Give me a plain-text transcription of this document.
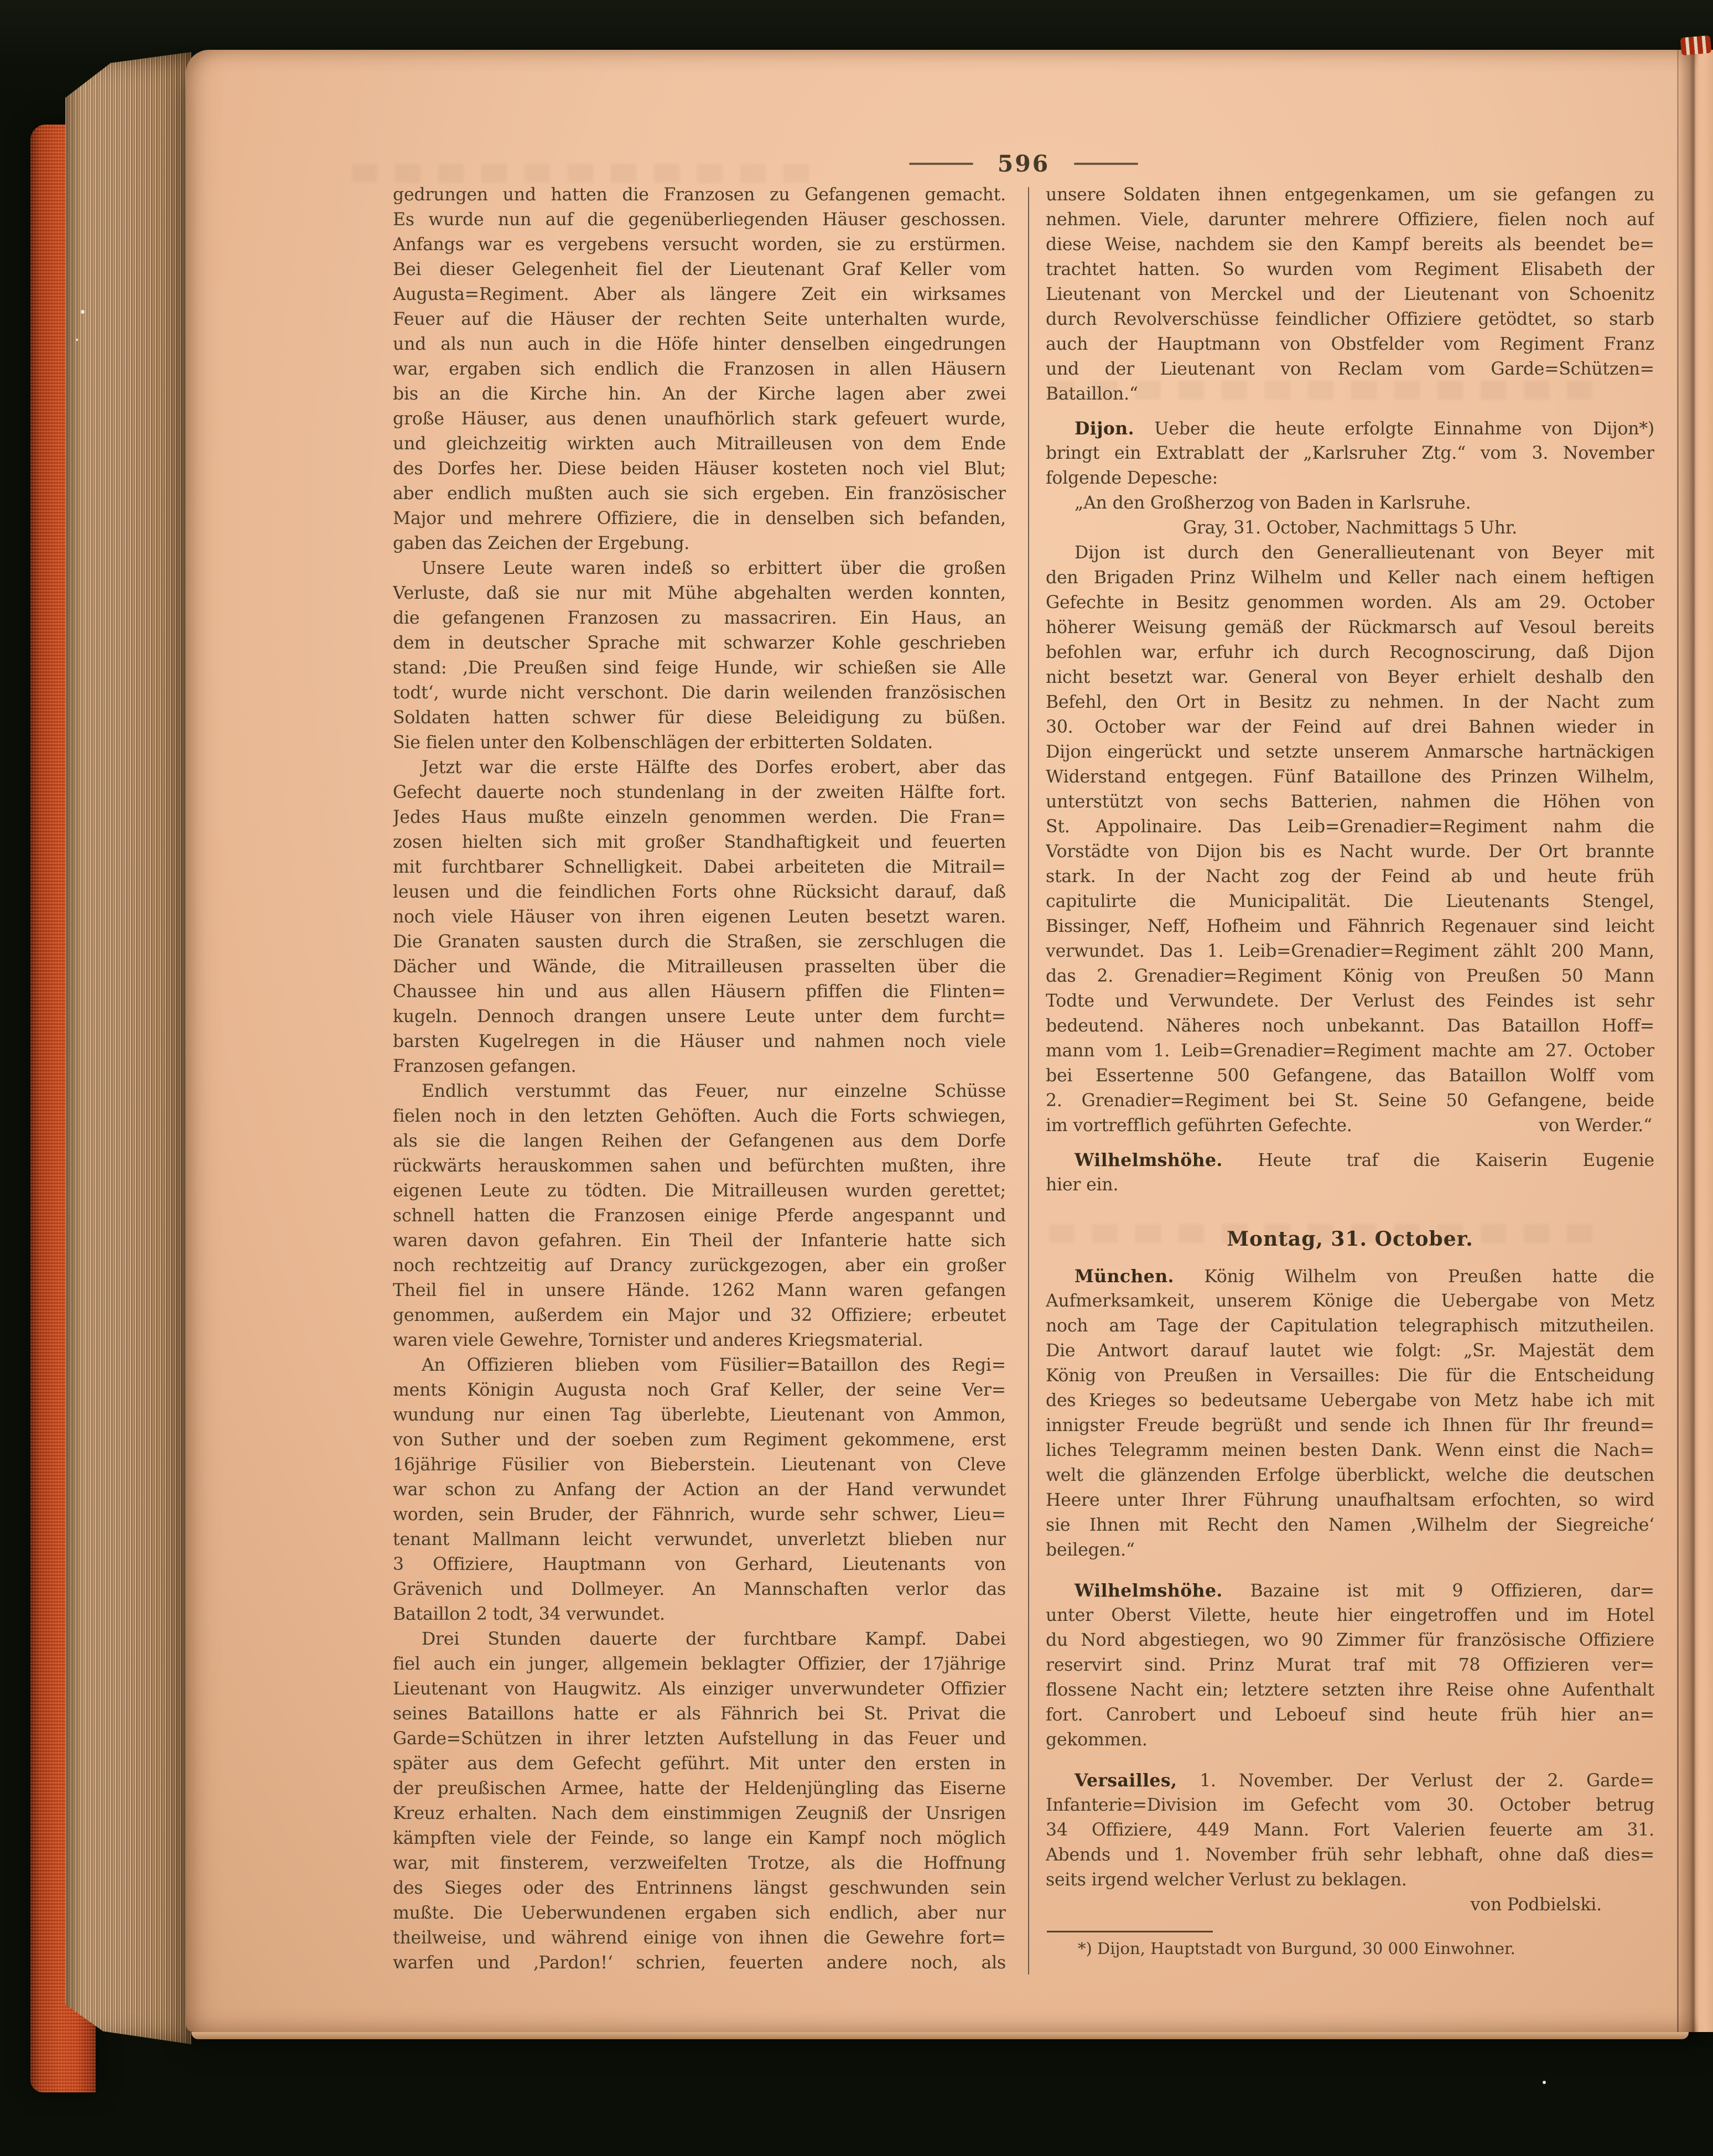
596
gedrungen und hatten die Franzosen zu Gefangenen gemacht.
Es wurde nun auf die gegenüberliegenden Häuser geschossen.
Anfangs war es vergebens versucht worden, sie zu erstürmen.
Bei dieser Gelegenheit fiel der Lieutenant Graf Keller vom
Augusta=Regiment. Aber als längere Zeit ein wirksames
Feuer auf die Häuser der rechten Seite unterhalten wurde,
und als nun auch in die Höfe hinter denselben eingedrungen
war, ergaben sich endlich die Franzosen in allen Häusern
bis an die Kirche hin. An der Kirche lagen aber zwei
große Häuser, aus denen unaufhörlich stark gefeuert wurde,
und gleichzeitig wirkten auch Mitrailleusen von dem Ende
des Dorfes her. Diese beiden Häuser kosteten noch viel Blut;
aber endlich mußten auch sie sich ergeben. Ein französischer
Major und mehrere Offiziere, die in denselben sich befanden,
gaben das Zeichen der Ergebung.
Unsere Leute waren indeß so erbittert über die großen
Verluste, daß sie nur mit Mühe abgehalten werden konnten,
die gefangenen Franzosen zu massacriren. Ein Haus, an
dem in deutscher Sprache mit schwarzer Kohle geschrieben
stand: ‚Die Preußen sind feige Hunde, wir schießen sie Alle
todt‘, wurde nicht verschont. Die darin weilenden französischen
Soldaten hatten schwer für diese Beleidigung zu büßen.
Sie fielen unter den Kolbenschlägen der erbitterten Soldaten.
Jetzt war die erste Hälfte des Dorfes erobert, aber das
Gefecht dauerte noch stundenlang in der zweiten Hälfte fort.
Jedes Haus mußte einzeln genommen werden. Die Fran=
zosen hielten sich mit großer Standhaftigkeit und feuerten
mit furchtbarer Schnelligkeit. Dabei arbeiteten die Mitrail=
leusen und die feindlichen Forts ohne Rücksicht darauf, daß
noch viele Häuser von ihren eigenen Leuten besetzt waren.
Die Granaten sausten durch die Straßen, sie zerschlugen die
Dächer und Wände, die Mitrailleusen prasselten über die
Chaussee hin und aus allen Häusern pfiffen die Flinten=
kugeln. Dennoch drangen unsere Leute unter dem furcht=
barsten Kugelregen in die Häuser und nahmen noch viele
Franzosen gefangen.
Endlich verstummt das Feuer, nur einzelne Schüsse
fielen noch in den letzten Gehöften. Auch die Forts schwiegen,
als sie die langen Reihen der Gefangenen aus dem Dorfe
rückwärts herauskommen sahen und befürchten mußten, ihre
eigenen Leute zu tödten. Die Mitrailleusen wurden gerettet;
schnell hatten die Franzosen einige Pferde angespannt und
waren davon gefahren. Ein Theil der Infanterie hatte sich
noch rechtzeitig auf Drancy zurückgezogen, aber ein großer
Theil fiel in unsere Hände. 1262 Mann waren gefangen
genommen, außerdem ein Major und 32 Offiziere; erbeutet
waren viele Gewehre, Tornister und anderes Kriegsmaterial.
An Offizieren blieben vom Füsilier=Bataillon des Regi=
ments Königin Augusta noch Graf Keller, der seine Ver=
wundung nur einen Tag überlebte, Lieutenant von Ammon,
von Suther und der soeben zum Regiment gekommene, erst
16jährige Füsilier von Bieberstein. Lieutenant von Cleve
war schon zu Anfang der Action an der Hand verwundet
worden, sein Bruder, der Fähnrich, wurde sehr schwer, Lieu=
tenant Mallmann leicht verwundet, unverletzt blieben nur
3 Offiziere, Hauptmann von Gerhard, Lieutenants von
Grävenich und Dollmeyer. An Mannschaften verlor das
Bataillon 2 todt, 34 verwundet.
Drei Stunden dauerte der furchtbare Kampf. Dabei
fiel auch ein junger, allgemein beklagter Offizier, der 17jährige
Lieutenant von Haugwitz. Als einziger unverwundeter Offizier
seines Bataillons hatte er als Fähnrich bei St. Privat die
Garde=Schützen in ihrer letzten Aufstellung in das Feuer und
später aus dem Gefecht geführt. Mit unter den ersten in
der preußischen Armee, hatte der Heldenjüngling das Eiserne
Kreuz erhalten. Nach dem einstimmigen Zeugniß der Unsrigen
kämpften viele der Feinde, so lange ein Kampf noch möglich
war, mit finsterem, verzweifelten Trotze, als die Hoffnung
des Sieges oder des Entrinnens längst geschwunden sein
mußte. Die Ueberwundenen ergaben sich endlich, aber nur
theilweise, und während einige von ihnen die Gewehre fort=
warfen und ‚Pardon!‘ schrien, feuerten andere noch, als
unsere Soldaten ihnen entgegenkamen, um sie gefangen zu
nehmen. Viele, darunter mehrere Offiziere, fielen noch auf
diese Weise, nachdem sie den Kampf bereits als beendet be=
trachtet hatten. So wurden vom Regiment Elisabeth der
Lieutenant von Merckel und der Lieutenant von Schoenitz
durch Revolverschüsse feindlicher Offiziere getödtet, so starb
auch der Hauptmann von Obstfelder vom Regiment Franz
und der Lieutenant von Reclam vom Garde=Schützen=
Bataillon.“
Dijon. Ueber die heute erfolgte Einnahme von Dijon*)
bringt ein Extrablatt der „Karlsruher Ztg.“ vom 3. November
folgende Depesche:
„An den Großherzog von Baden in Karlsruhe.
Gray, 31. October, Nachmittags 5 Uhr.
Dijon ist durch den Generallieutenant von Beyer mit
den Brigaden Prinz Wilhelm und Keller nach einem heftigen
Gefechte in Besitz genommen worden. Als am 29. October
höherer Weisung gemäß der Rückmarsch auf Vesoul bereits
befohlen war, erfuhr ich durch Recognoscirung, daß Dijon
nicht besetzt war. General von Beyer erhielt deshalb den
Befehl, den Ort in Besitz zu nehmen. In der Nacht zum
30. October war der Feind auf drei Bahnen wieder in
Dijon eingerückt und setzte unserem Anmarsche hartnäckigen
Widerstand entgegen. Fünf Bataillone des Prinzen Wilhelm,
unterstützt von sechs Batterien, nahmen die Höhen von
St. Appolinaire. Das Leib=Grenadier=Regiment nahm die
Vorstädte von Dijon bis es Nacht wurde. Der Ort brannte
stark. In der Nacht zog der Feind ab und heute früh
capitulirte die Municipalität. Die Lieutenants Stengel,
Bissinger, Neff, Hofheim und Fähnrich Regenauer sind leicht
verwundet. Das 1. Leib=Grenadier=Regiment zählt 200 Mann,
das 2. Grenadier=Regiment König von Preußen 50 Mann
Todte und Verwundete. Der Verlust des Feindes ist sehr
bedeutend. Näheres noch unbekannt. Das Bataillon Hoff=
mann vom 1. Leib=Grenadier=Regiment machte am 27. October
bei Essertenne 500 Gefangene, das Bataillon Wolff vom
2. Grenadier=Regiment bei St. Seine 50 Gefangene, beide
im vortrefflich geführten Gefechte.	von Werder.“
Wilhelmshöhe. Heute traf die Kaiserin Eugenie
hier ein.
Montag, 31. October.
München. König Wilhelm von Preußen hatte die
Aufmerksamkeit, unserem Könige die Uebergabe von Metz
noch am Tage der Capitulation telegraphisch mitzutheilen.
Die Antwort darauf lautet wie folgt: „Sr. Majestät dem
König von Preußen in Versailles: Die für die Entscheidung
des Krieges so bedeutsame Uebergabe von Metz habe ich mit
innigster Freude begrüßt und sende ich Ihnen für Ihr freund=
liches Telegramm meinen besten Dank. Wenn einst die Nach=
welt die glänzenden Erfolge überblickt, welche die deutschen
Heere unter Ihrer Führung unaufhaltsam erfochten, so wird
sie Ihnen mit Recht den Namen ‚Wilhelm der Siegreiche‘
beilegen.“
Wilhelmshöhe. Bazaine ist mit 9 Offizieren, dar=
unter Oberst Vilette, heute hier eingetroffen und im Hotel
du Nord abgestiegen, wo 90 Zimmer für französische Offiziere
reservirt sind. Prinz Murat traf mit 78 Offizieren ver=
flossene Nacht ein; letztere setzten ihre Reise ohne Aufenthalt
fort. Canrobert und Leboeuf sind heute früh hier an=
gekommen.
Versailles, 1. November. Der Verlust der 2. Garde=
Infanterie=Division im Gefecht vom 30. October betrug
34 Offiziere, 449 Mann. Fort Valerien feuerte am 31.
Abends und 1. November früh sehr lebhaft, ohne daß dies=
seits irgend welcher Verlust zu beklagen.
von Podbielski.
*) Dijon, Hauptstadt von Burgund, 30 000 Einwohner.
